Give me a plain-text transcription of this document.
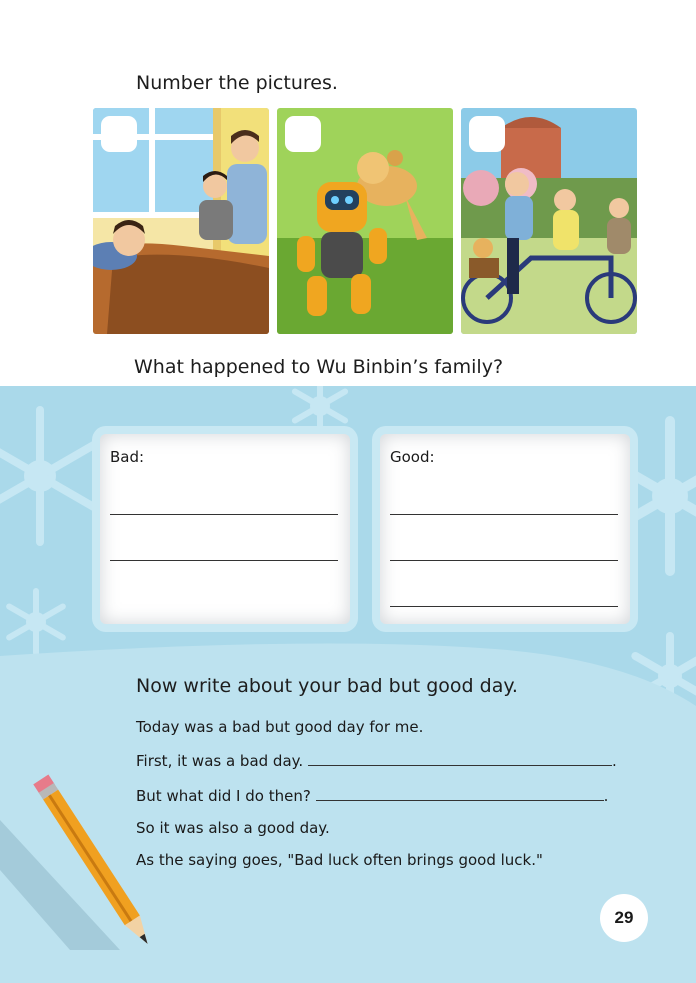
Number the pictures.
What happened to Wu Binbin’s family?
Bad:	Good:
Now write about your bad but good day.
Today was a bad but good day for me.
First, it was a bad day.	.
But what did I do then?	.
So it was also a good day.
As the saying goes, "Bad luck often brings good luck."
29
